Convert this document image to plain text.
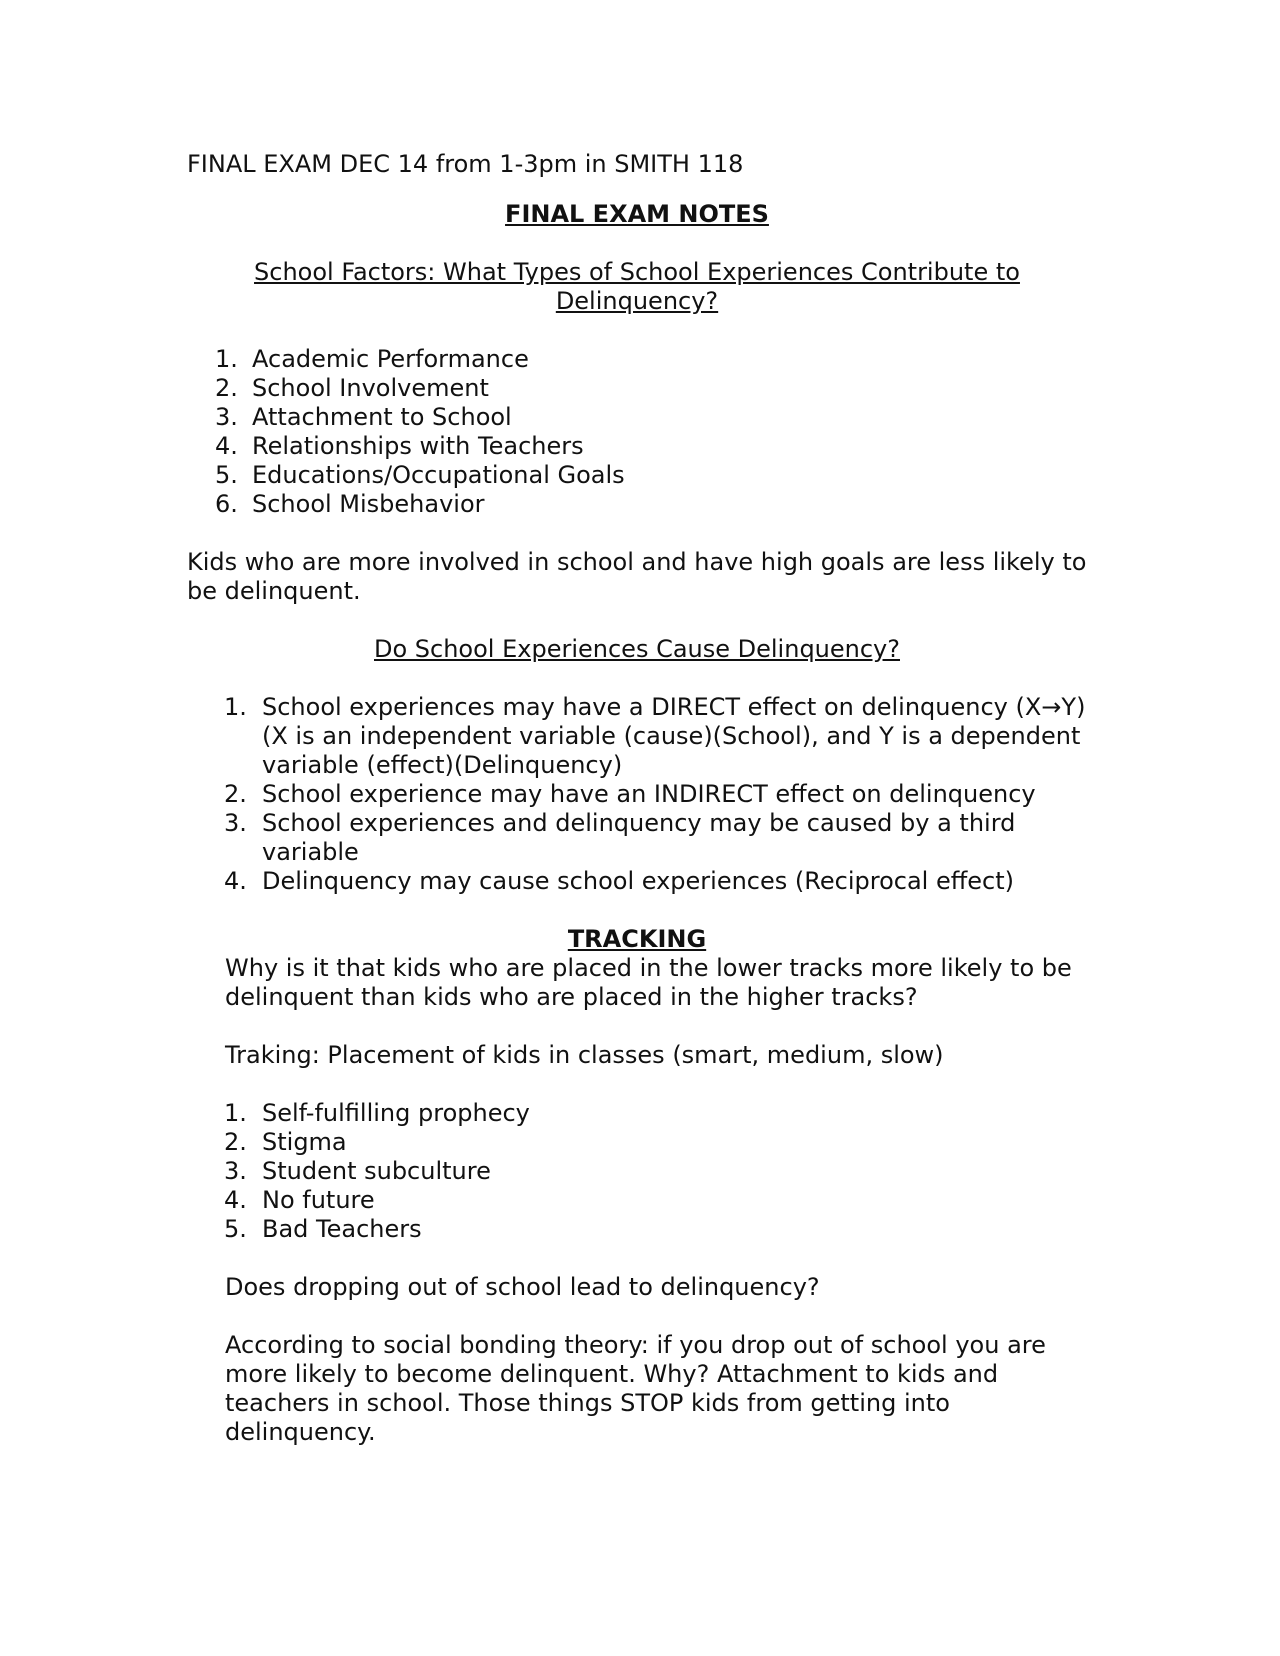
FINAL EXAM DEC 14 from 1-3pm in SMITH 118

FINAL EXAM NOTES

School Factors: What Types of School Experiences Contribute to Delinquency?

1. Academic Performance
2. School Involvement
3. Attachment to School
4. Relationships with Teachers
5. Educations/Occupational Goals
6. School Misbehavior

Kids who are more involved in school and have high goals are less likely to be delinquent.

Do School Experiences Cause Delinquency?

1. School experiences may have a DIRECT effect on delinquency (X→Y) (X is an independent variable (cause)(School), and Y is a dependent variable (effect)(Delinquency)
2. School experience may have an INDIRECT effect on delinquency
3. School experiences and delinquency may be caused by a third variable
4. Delinquency may cause school experiences (Reciprocal effect)

TRACKING

Why is it that kids who are placed in the lower tracks more likely to be delinquent than kids who are placed in the higher tracks?

Traking: Placement of kids in classes (smart, medium, slow)

1. Self-fulfilling prophecy
2. Stigma
3. Student subculture
4. No future
5. Bad Teachers

Does dropping out of school lead to delinquency?

According to social bonding theory: if you drop out of school you are more likely to become delinquent. Why? Attachment to kids and teachers in school. Those things STOP kids from getting into delinquency.
